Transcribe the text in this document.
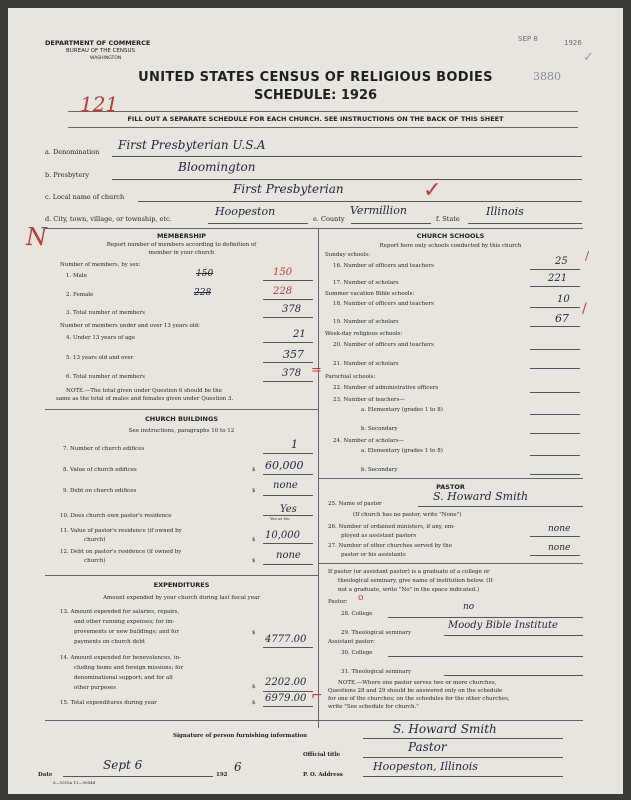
DEPARTMENT OF COMMERCE
BUREAU OF THE CENSUS
WASHINGTON
SEP 8	1926
3880
✓
UNITED STATES CENSUS OF RELIGIOUS BODIES
SCHEDULE: 1926
121
N
FILL OUT A SEPARATE SCHEDULE FOR EACH CHURCH. SEE INSTRUCTIONS ON THE BACK OF THIS SHEET
a. Denomination First Presbyterian U.S.A
b. Presbytery
Bloomington
c. Local name of church
First Presbyterian
d. City, town, village, or township, etc.
Hoopeston
e. County
Vermillion
✓
f. State
Illinois
MEMBERSHIP
Report number of members according to definition of
member in your church
Number of members, by sex:
1. Male	150	150
2. Female	228	228
3. Total number of members	378
Number of members under and over 13 years old:
4. Under 13 years of age	21
5. 13 years old and over	357
6. Total number of members	378 =
NOTE.—The total given under Question 6 should be the
same as the total of males and females given under Question 3.
CHURCH BUILDINGS
See instructions, paragraphs 10 to 12
7. Number of church edifices	1
8. Value of church edifices	$ 60,000
9. Debt on church edifices	$ none
10. Does church own pastor's residence
Yes
Yes or No
11. Value of pastor's residence (if owned by
church)	$ 10,000
12. Debt on pastor's residence (if owned by
church)	$ none
EXPENDITURES
Amount expended by your church during last fiscal year
13. Amount expended for salaries, repairs,
and other running expenses; for im-
provements or new buildings; and for
payments on church debt
$
4777.00
14. Amount expended for benevolences, in-
cluding home and foreign missions; for
denominational support; and for all
other purposes	$ 2202.00
15. Total expenditures during year	$ 6979.00 ⌐
CHURCH SCHOOLS
Report here only schools conducted by this church
Sunday schools:
16. Number of officers and teachers	25 /
17. Number of scholars	221
Summer vacation Bible schools:
18. Number of officers and teachers	10
19. Number of scholars	67
/
Week-day religious schools:
20. Number of officers and teachers
21. Number of scholars
Parochial schools:
22. Number of administrative officers
23. Number of teachers—
a. Elementary (grades 1 to 8)
b. Secondary
24. Number of scholars—
a. Elementary (grades 1 to 8)
b. Secondary
PASTOR
25. Name of pastor
S. Howard Smith
(If church has no pastor, write "None")
26. Number of ordained ministers, if any, em-
ployed as assistant pastors
none
27. Number of other churches served by the
pastor or his assistants
none
If pastor (or assistant pastor) is a graduate of a college or
theological seminary, give name of institution below. (If
not a graduate, write "No" in the space indicated.)
Pastor: o
28. College
no
29. Theological seminary
Moody Bible Institute
Assistant pastor:
30. College
31. Theological seminary
NOTE.—Where one pastor serves two or more churches,
Questions 28 and 29 should be answered only on the schedule
for one of the churches; on the schedules for the other churches,
write "See schedule for church."
Signature of person furnishing information	S. Howard Smith
Official title
Pastor
Date
Sept 6
192
6
P. O. Address
Hoopeston, Illinois
8—5518a 11—9084d
